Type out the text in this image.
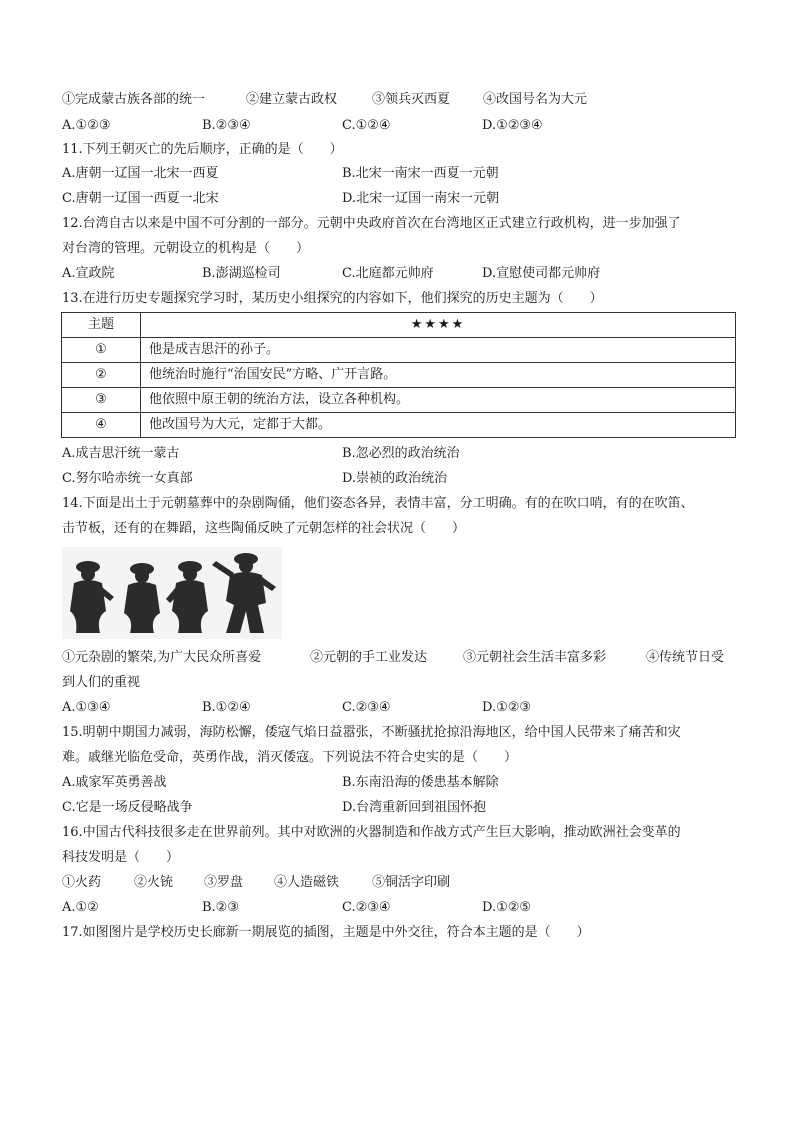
①完成蒙古族各部的统一	②建立蒙古政权	③领兵灭西夏	④改国号名为大元
A.①②③	B.②③④	C.①②④	D.①②③④
11.下列王朝灭亡的先后顺序，正确的是（　　）
A.唐朝一辽国一北宋一西夏	B.北宋一南宋一西夏一元朝
C.唐朝一辽国一西夏一北宋	D.北宋一辽国一南宋一元朝
12.台湾自古以来是中国不可分割的一部分。元朝中央政府首次在台湾地区正式建立行政机构，进一步加强了
对台湾的管理。元朝设立的机构是（　　）
A.宣政院	B.澎湖巡检司	C.北庭都元帅府	D.宣慰使司都元帅府
13.在进行历史专题探究学习时，某历史小组探究的内容如下，他们探究的历史主题为（　　）
主题	★★★★
①	他是成吉思汗的孙子。
②	他统治时施行“治国安民”方略、广开言路。
③	他依照中原王朝的统治方法，设立各种机构。
④	他改国号为大元，定都于大都。
A.成吉思汗统一蒙古	B.忽必烈的政治统治
C.努尔哈赤统一女真部	D.崇祯的政治统治
14.下面是出土于元朝墓葬中的杂剧陶俑，他们姿态各异，表情丰富，分工明确。有的在吹口哨，有的在吹笛、
击节板，还有的在舞蹈，这些陶俑反映了元朝怎样的社会状况（　　）
①元杂剧的繁荣,为广大民众所喜爱	②元朝的手工业发达	③元朝社会生活丰富多彩	④传统节日受
到人们的重视
A.①③④	B.①②④	C.②③④	D.①②③
15.明朝中期国力减弱，海防松懈，倭寇气焰日益嚣张，不断骚扰抢掠沿海地区，给中国人民带来了痛苦和灾
难。戚继光临危受命，英勇作战，消灭倭寇。下列说法不符合史实的是（　　）
A.戚家军英勇善战	B.东南沿海的倭患基本解除
C.它是一场反侵略战争	D.台湾重新回到祖国怀抱
16.中国古代科技很多走在世界前列。其中对欧洲的火器制造和作战方式产生巨大影响，推动欧洲社会变革的
科技发明是（　　）
①火药	②火铳 ③罗盘 ④人造磁铁	⑤铜活字印刷
A.①②	B.②③	C.②③④	D.①②⑤
17.如图图片是学校历史长廊新一期展览的插图，主题是中外交往，符合本主题的是（　　）
